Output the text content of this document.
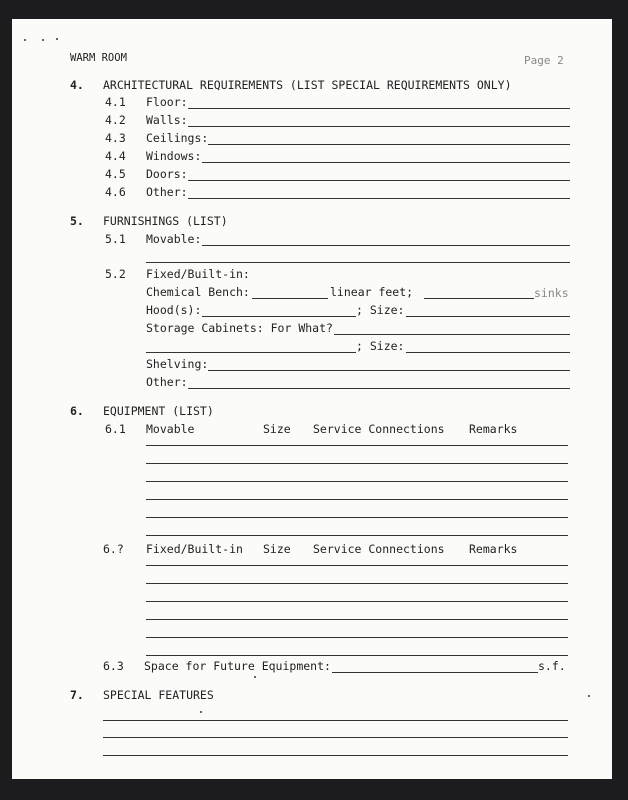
WARM ROOM	Page 2
4. ARCHITECTURAL REQUIREMENTS (LIST SPECIAL REQUIREMENTS ONLY)
4.1 Floor:
4.2 Walls:
4.3 Ceilings:
4.4 Windows:
4.5 Doors:
4.6 Other:
5. FURNISHINGS (LIST)
5.1 Movable:
5.2 Fixed/Built-in:
Chemical Bench:	linear feet;	sinks
Hood(s):	; Size:
Storage Cabinets: For What?
; Size:
Shelving:
Other:
6. EQUIPMENT (LIST)
6.1 Movable	Size Service Connections Remarks
6.? Fixed/Built-in Size Service Connections Remarks
6.3 Space for Future Equipment:	s.f.
7. SPECIAL FEATURES
